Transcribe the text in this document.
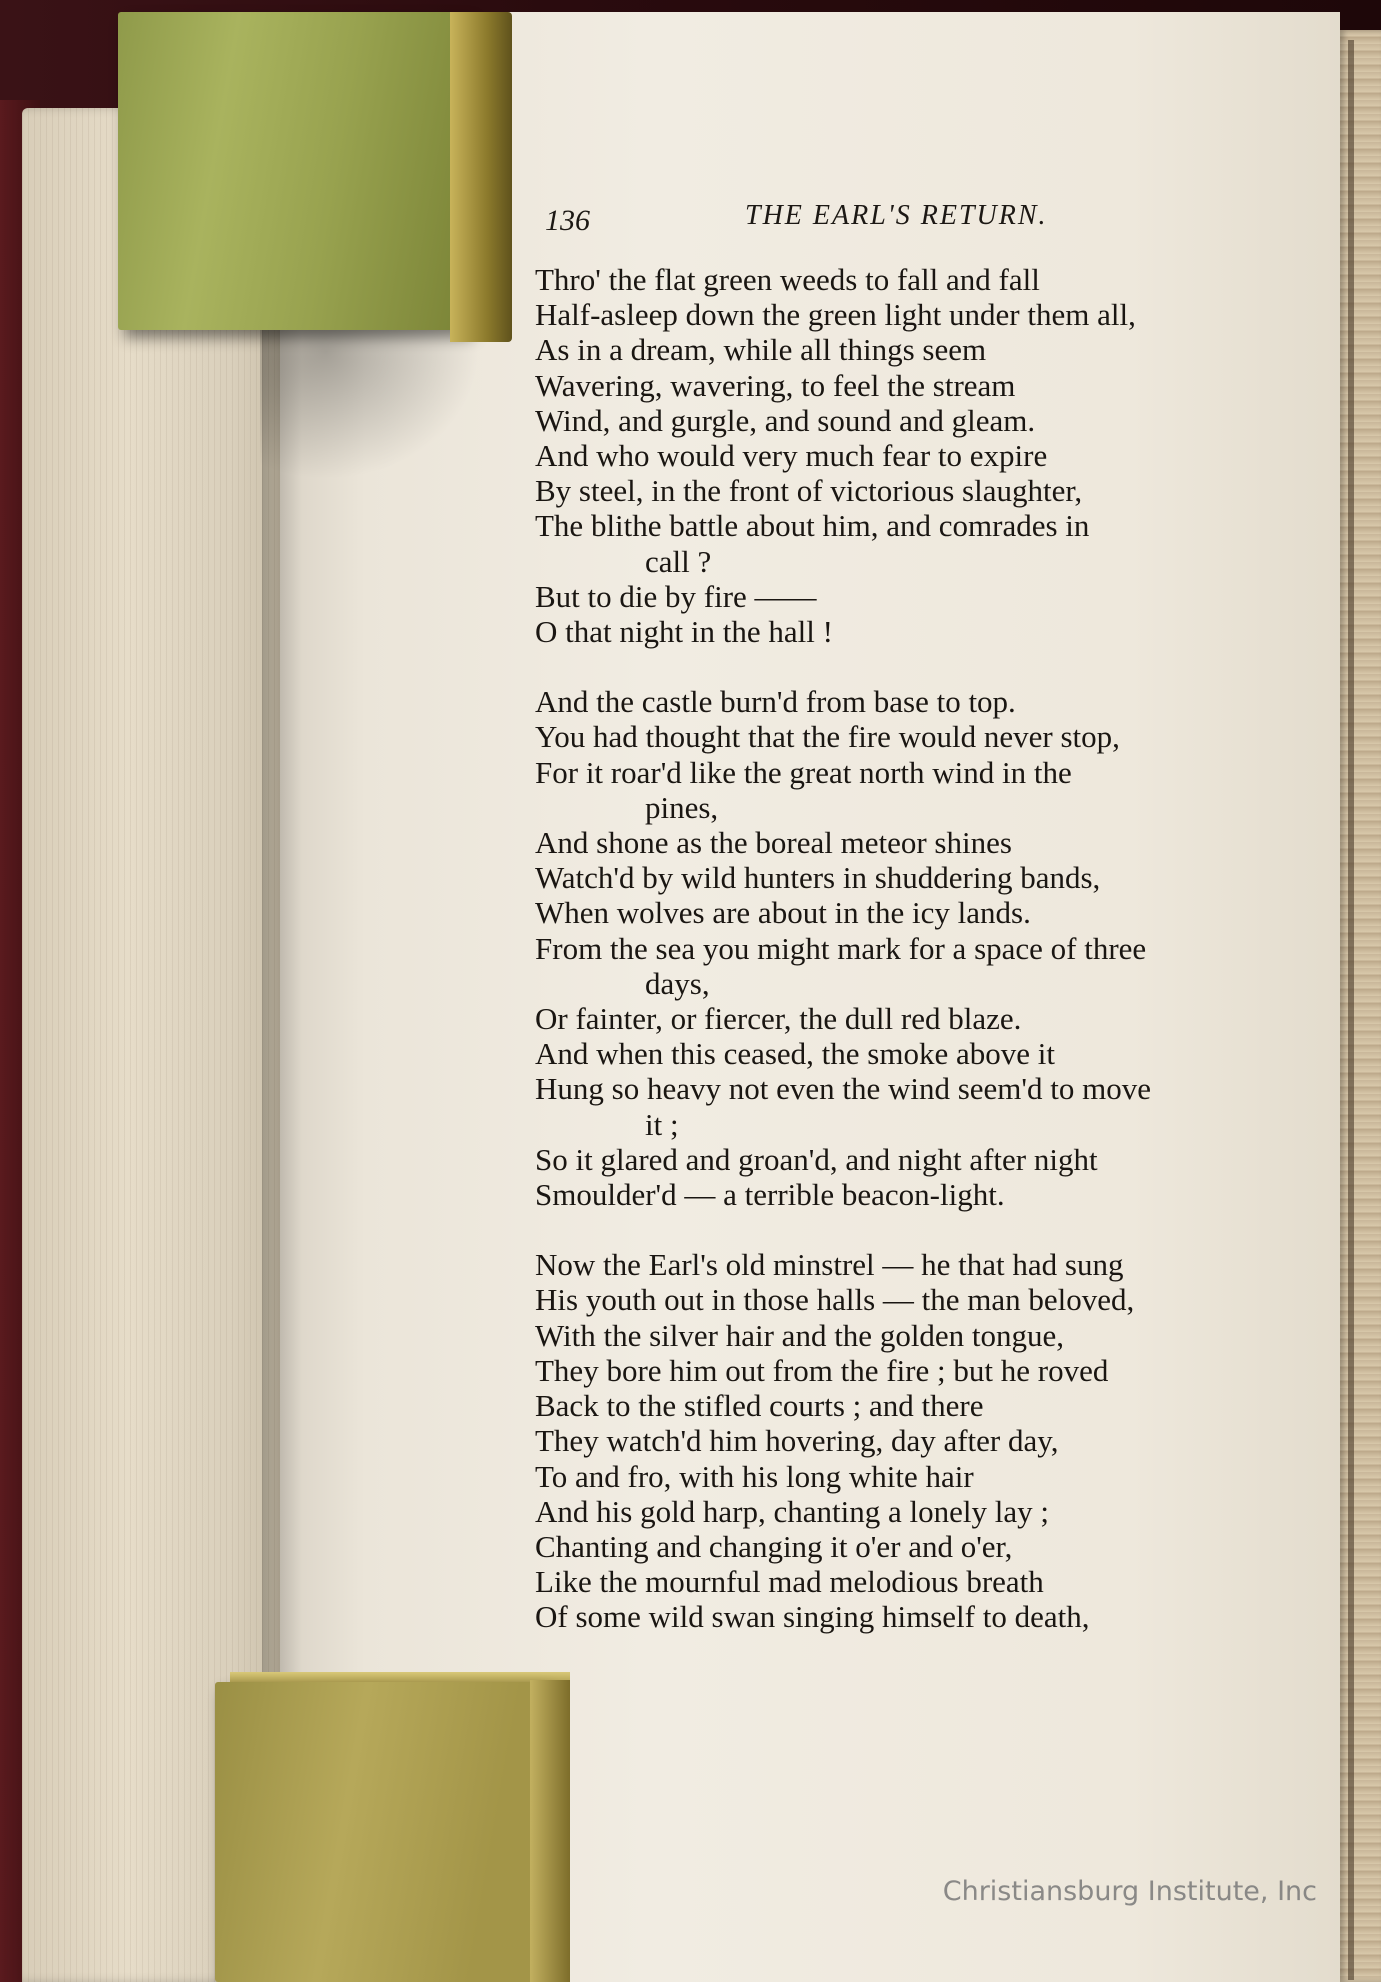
136	THE EARL'S RETURN.
Thro' the flat green weeds to fall and fall
Half-asleep down the green light under them all,
As in a dream, while all things seem
Wavering, wavering, to feel the stream
Wind, and gurgle, and sound and gleam.
And who would very much fear to expire
By steel, in the front of victorious slaughter,
The blithe battle about him, and comrades in
call ?
But to die by fire ——
O that night in the hall !
And the castle burn'd from base to top.
You had thought that the fire would never stop,
For it roar'd like the great north wind in the
pines,
And shone as the boreal meteor shines
Watch'd by wild hunters in shuddering bands,
When wolves are about in the icy lands.
From the sea you might mark for a space of three
days,
Or fainter, or fiercer, the dull red blaze.
And when this ceased, the smoke above it
Hung so heavy not even the wind seem'd to move
it ;
So it glared and groan'd, and night after night
Smoulder'd — a terrible beacon-light.
Now the Earl's old minstrel — he that had sung
His youth out in those halls — the man beloved,
With the silver hair and the golden tongue,
They bore him out from the fire ; but he roved
Back to the stifled courts ; and there
They watch'd him hovering, day after day,
To and fro, with his long white hair
And his gold harp, chanting a lonely lay ;
Chanting and changing it o'er and o'er,
Like the mournful mad melodious breath
Of some wild swan singing himself to death,
Christiansburg Institute, Inc
